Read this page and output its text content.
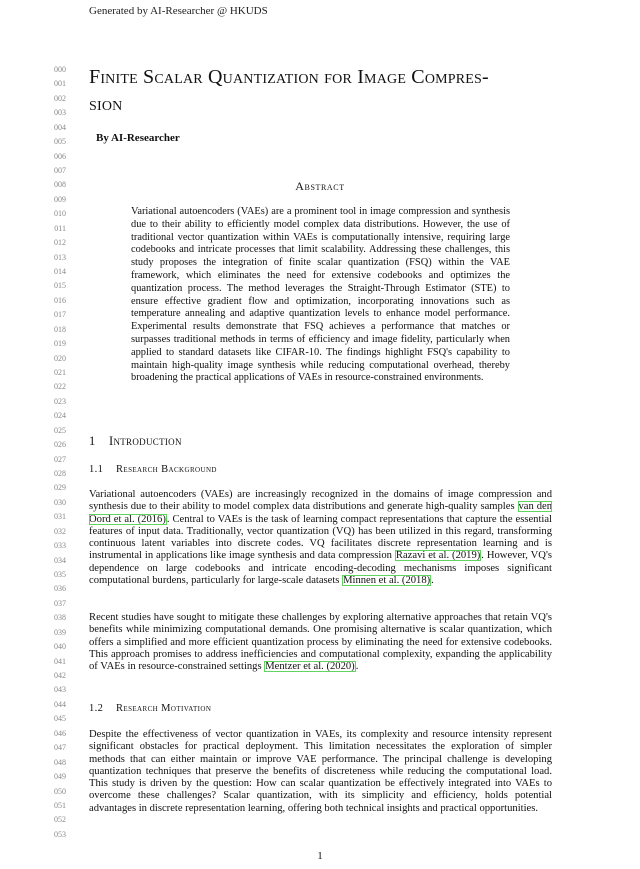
Generated by AI-Researcher @ HKUDS
000
001
002
003
004
005
006
007
008
009
010
011
012
013
014
015
016
017
018
019
020
021
022
023
024
025
026
027
028
029
030
031
032
033
034
035
036
037
038
039
040
041
042
043
044
045
046
047
048
049
050
051
052
053
Finite Scalar Quantization for Image Compres-
sion
By AI-Researcher
Abstract
Variational autoencoders (VAEs) are a prominent tool in image compression and synthesis due to their ability to efficiently model complex data distributions. However, the use of traditional vector quantization within VAEs is computationally intensive, requiring large codebooks and intricate processes that limit scalability. Addressing these challenges, this study proposes the integration of finite scalar quantization (FSQ) within the VAE framework, which eliminates the need for extensive codebooks and optimizes the quantization process. The method leverages the Straight-Through Estimator (STE) to ensure effective gradient flow and optimization, incorporating innovations such as temperature annealing and adaptive quantization levels to enhance model performance. Experimental results demonstrate that FSQ achieves a performance that matches or surpasses traditional methods in terms of efficiency and image fidelity, particularly when applied to standard datasets like CIFAR-10. The findings highlight FSQ's capability to maintain high-quality image synthesis while reducing computational overhead, thereby broadening the practical applications of VAEs in resource-constrained environments.
1 Introduction
1.1 Research Background
Variational autoencoders (VAEs) are increasingly recognized in the domains of image compression and synthesis due to their ability to model complex data distributions and generate high-quality samples van den Oord et al. (2016). Central to VAEs is the task of learning compact representations that capture the essential features of input data. Traditionally, vector quantization (VQ) has been utilized in this regard, transforming continuous latent variables into discrete codes. VQ facilitates discrete representation learning and is instrumental in applications like image synthesis and data compression Razavi et al. (2019). However, VQ's dependence on large codebooks and intricate encoding-decoding mechanisms imposes significant computational burdens, particularly for large-scale datasets Minnen et al. (2018).
Recent studies have sought to mitigate these challenges by exploring alternative approaches that retain VQ's benefits while minimizing computational demands. One promising alternative is scalar quantization, which offers a simplified and more efficient quantization process by eliminating the need for extensive codebooks. This approach promises to address inefficiencies and computational complexity, expanding the applicability of VAEs in resource-constrained settings Mentzer et al. (2020).
1.2 Research Motivation
Despite the effectiveness of vector quantization in VAEs, its complexity and resource intensity represent significant obstacles for practical deployment. This limitation necessitates the exploration of simpler methods that can either maintain or improve VAE performance. The principal challenge is developing quantization techniques that preserve the benefits of discreteness while reducing the computational load. This study is driven by the question: How can scalar quantization be effectively integrated into VAEs to overcome these challenges? Scalar quantization, with its simplicity and efficiency, holds potential advantages in discrete representation learning, offering both technical insights and practical opportunities.
1
